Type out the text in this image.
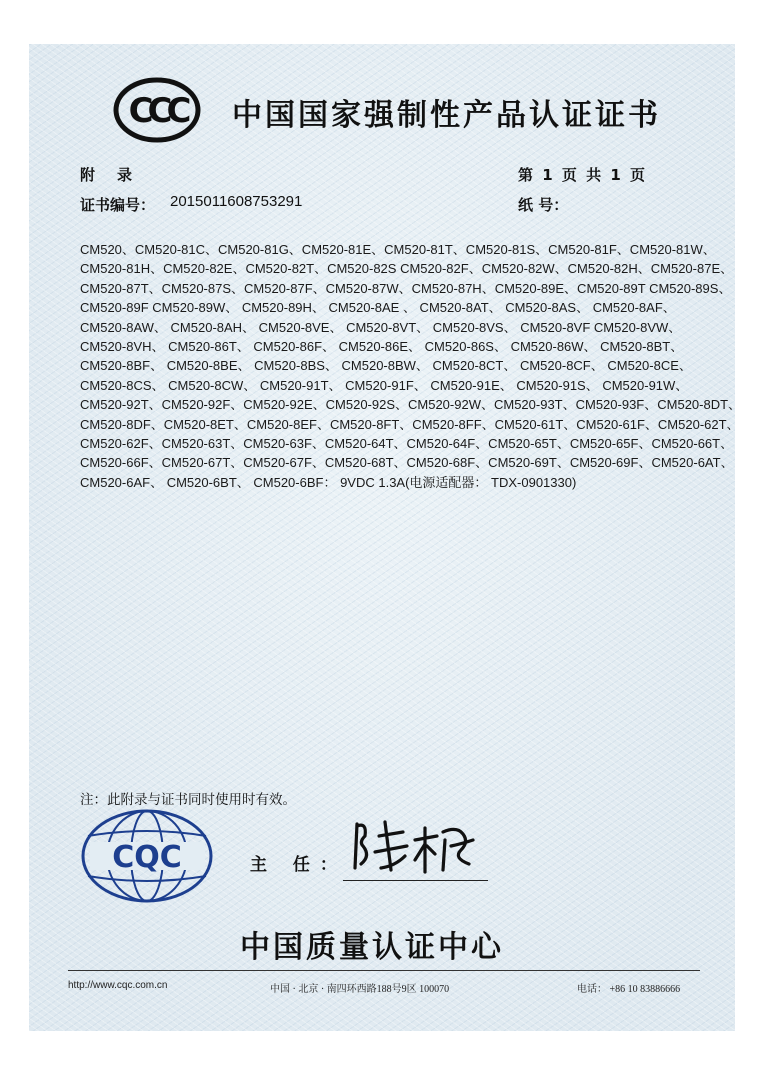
CCC 中国国家强制性产品认证证书
附录	第 1 页 共 1 页
证书编号： 2015011608753291	纸 号：
CM520、CM520-81C、CM520-81G、CM520-81E、CM520-81T、CM520-81S、CM520-81F、CM520-81W、
CM520-81H、CM520-82E、CM520-82T、CM520-82S CM520-82F、CM520-82W、CM520-82H、CM520-87E、
CM520-87T、CM520-87S、CM520-87F、CM520-87W、CM520-87H、CM520-89E、CM520-89T CM520-89S、
CM520-89F CM520-89W、 CM520-89H、 CM520-8AE 、 CM520-8AT、 CM520-8AS、 CM520-8AF、
CM520-8AW、 CM520-8AH、 CM520-8VE、 CM520-8VT、 CM520-8VS、 CM520-8VF CM520-8VW、
CM520-8VH、 CM520-86T、 CM520-86F、 CM520-86E、 CM520-86S、 CM520-86W、 CM520-8BT、
CM520-8BF、 CM520-8BE、 CM520-8BS、 CM520-8BW、 CM520-8CT、 CM520-8CF、 CM520-8CE、
CM520-8CS、 CM520-8CW、 CM520-91T、 CM520-91F、 CM520-91E、 CM520-91S、 CM520-91W、
CM520-92T、CM520-92F、CM520-92E、CM520-92S、CM520-92W、CM520-93T、CM520-93F、CM520-8DT、
CM520-8DF、CM520-8ET、CM520-8EF、CM520-8FT、CM520-8FF、CM520-61T、CM520-61F、CM520-62T、
CM520-62F、CM520-63T、CM520-63F、CM520-64T、CM520-64F、CM520-65T、CM520-65F、CM520-66T、
CM520-66F、CM520-67T、CM520-67F、CM520-68T、CM520-68F、CM520-69T、CM520-69F、CM520-6AT、
CM520-6AF、 CM520-6BT、 CM520-6BF： 9VDC 1.3A(电源适配器： TDX-0901330)
注：此附录与证书同时使用时有效。
CQC	主 任：
中国质量认证中心
http://www.cqc.com.cn	中国 · 北京 · 南四环西路188号9区 100070	电话： +86 10 83886666
